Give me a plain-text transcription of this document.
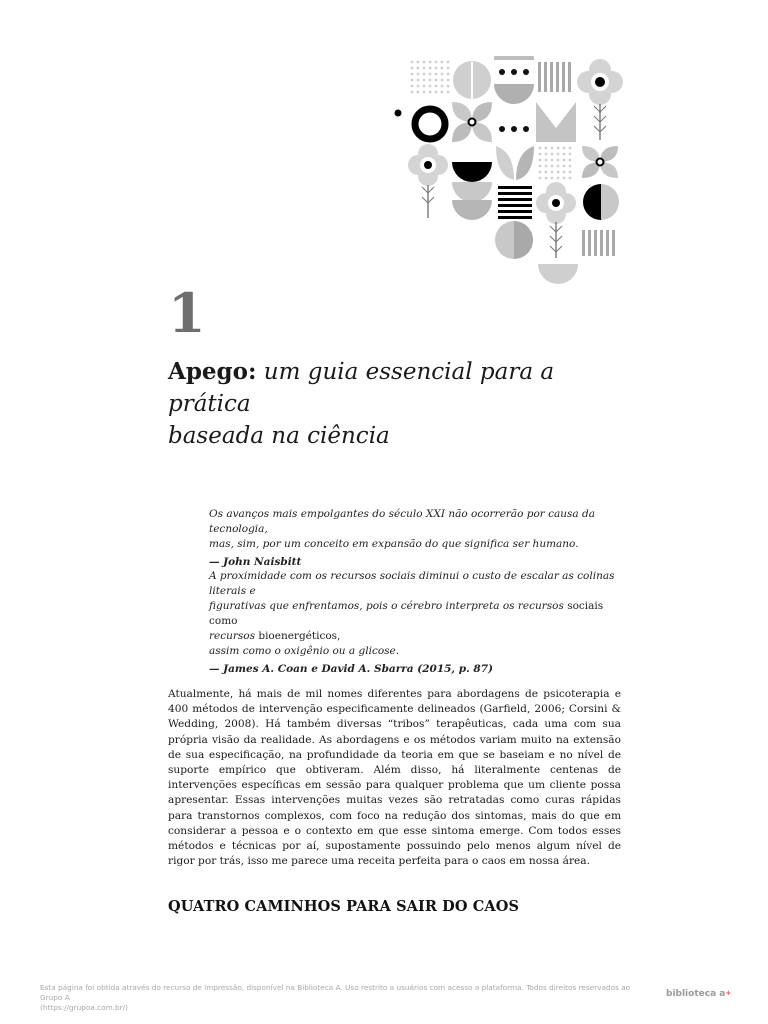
1
Apego: um guia essencial para a prática
baseada na ciência
Os avanços mais empolgantes do século XXI não ocorrerão por causa da tecnologia,
mas, sim, por um conceito em expansão do que significa ser humano.
— John Naisbitt
A proximidade com os recursos sociais diminui o custo de escalar as colinas literais e
figurativas que enfrentamos, pois o cérebro interpreta os recursos sociais como
recursos bioenergéticos,
assim como o oxigênio ou a glicose.
— James A. Coan e David A. Sbarra (2015, p. 87)

Atualmente, há mais de mil nomes diferentes para abordagens de psicoterapia e 400 métodos de intervenção especificamente delineados (Garfield, 2006; Corsini & Wedding, 2008). Há também diversas “tribos” terapêuticas, cada uma com sua própria visão da realidade. As abordagens e os métodos variam muito na extensão de sua especificação, na profundidade da teoria em que se baseiam e no nível de suporte empírico que obtiveram. Além disso, há literalmente centenas de intervenções específicas em sessão para qualquer problema que um cliente possa apresentar. Essas intervenções muitas vezes são retratadas como curas rápidas para transtornos complexos, com foco na redução dos sintomas, mais do que em considerar a pessoa e o contexto em que esse sintoma emerge. Com todos esses métodos e técnicas por aí, supostamente possuindo pelo menos algum nível de rigor por trás, isso me parece uma receita perfeita para o caos em nossa área.

QUATRO CAMINHOS PARA SAIR DO CAOS
Esta página foi obtida através do recurso de impressão, disponível na Biblioteca A. Uso restrito a usuários com acesso a plataforma. Todos direitos reservados ao Grupo A
(https://grupoa.com.br/)
biblioteca a+
